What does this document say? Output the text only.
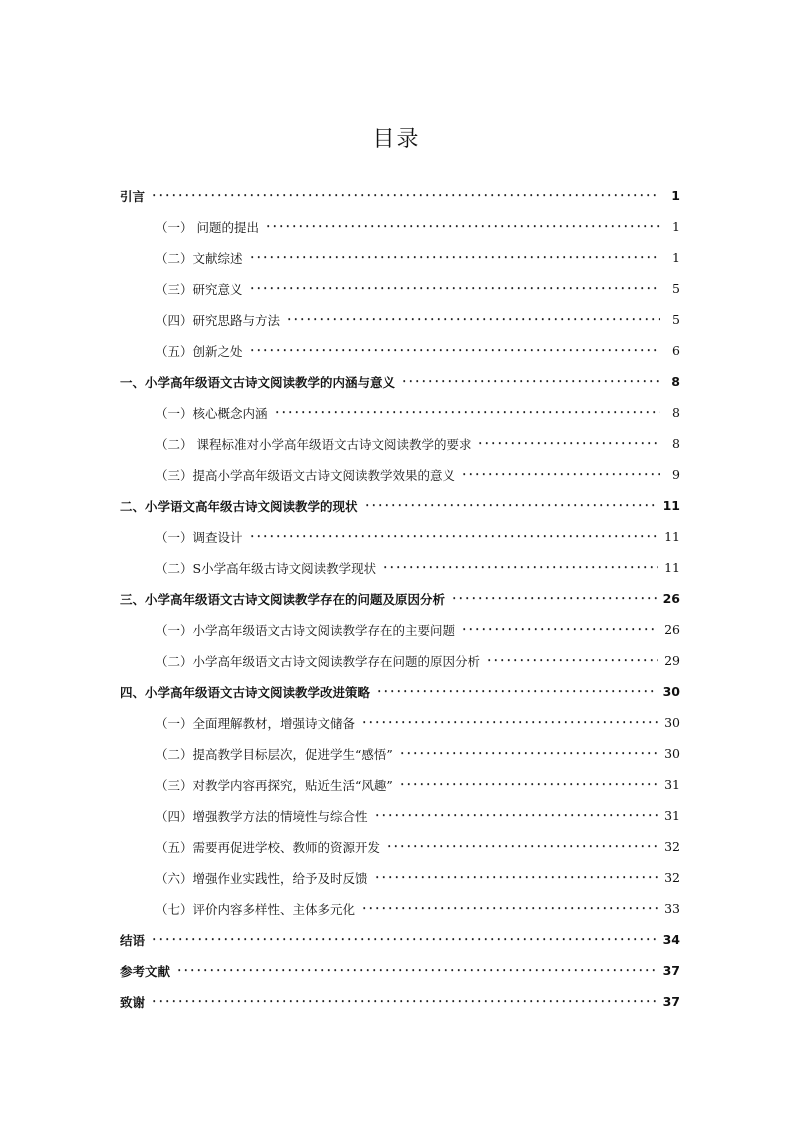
目录
引言	1
（一） 问题的提出	1
（二）文献综述	1
（三）研究意义	5
（四）研究思路与方法	5
（五）创新之处	6
一、小学高年级语文古诗文阅读教学的内涵与意义	8
（一）核心概念内涵	8
（二） 课程标准对小学高年级语文古诗文阅读教学的要求	8
（三）提高小学高年级语文古诗文阅读教学效果的意义	9
二、小学语文高年级古诗文阅读教学的现状	11
（一）调查设计	11
（二）S小学高年级古诗文阅读教学现状	11
三、小学高年级语文古诗文阅读教学存在的问题及原因分析	26
（一）小学高年级语文古诗文阅读教学存在的主要问题	26
（二）小学高年级语文古诗文阅读教学存在问题的原因分析	29
四、小学高年级语文古诗文阅读教学改进策略	30
（一）全面理解教材，增强诗文储备	30
（二）提高教学目标层次，促进学生“感悟”	30
（三）对教学内容再探究，贴近生活“风趣”	31
（四）增强教学方法的情境性与综合性	31
（五）需要再促进学校、教师的资源开发	32
（六）增强作业实践性，给予及时反馈	32
（七）评价内容多样性、主体多元化	33
结语	34
参考文献	37
致谢	37
